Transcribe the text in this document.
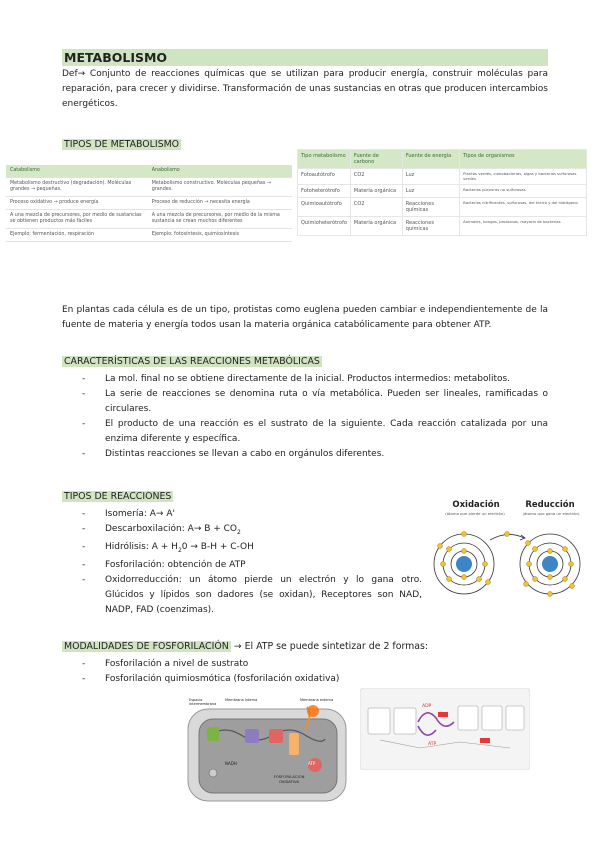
METABOLISMO
Def→ Conjunto de reacciones químicas que se utilizan para producir energía, construir moléculas para reparación, para crecer y dividirse. Transformación de unas sustancias en otras que producen intercambios energéticos.
TIPOS DE METABOLISMO
Catabolismo	Anabolismo
Metabolismo destructivo (degradación). Moléculas grandes → pequeñas.	Metabolismo constructivo. Moléculas pequeñas → grandes.
Proceso oxidativo → produce energía	Proceso de reducción → necesita energía
A una mezcla de precursores, por medio de sustancias se obtienen productos más fáciles	A una mezcla de precursores, por medio de la misma sustancia se crean muchos diferentes
Ejemplo: fermentación, respiración	Ejemplo: fotosíntesis, quimiosíntesis
Tipo metabolismo	Fuente de carbono	Fuente de energía	Tipos de organismos
Fotoautótrofo	CO2	Luz	Plantas verdes, cianobacterias, algas y bacterias sulfurosas verdes
Fotoheterótrofo	Materia orgánica	Luz	Bacterias púrpuras no sulfurosas
Quimioautótrofo	CO2	Reacciones químicas	Bacterias nitrificantes, sulfurosas, del hierro y del hidrógeno
Quimioheterótrofo	Materia orgánica	Reacciones químicas	Animales, hongos, protozoos, mayoría de bacterias
En plantas cada célula es de un tipo, protistas como euglena pueden cambiar e independientemente de la fuente de materia y energía todos usan la materia orgánica catabólicamente para obtener ATP.
CARACTERÍSTICAS DE LAS REACCIONES METABÓLICAS
- La mol. final no se obtiene directamente de la inicial. Productos intermedios: metabolitos.
- La serie de reacciones se denomina ruta o vía metabólica. Pueden ser lineales, ramificadas o circulares.
- El producto de una reacción es el sustrato de la siguiente. Cada reacción catalizada por una enzima diferente y específica.
- Distintas reacciones se llevan a cabo en orgánulos diferentes.
TIPOS DE REACCIONES
- Isomería: A→ A'
- Descarboxilación: $A\to B + CO_2$
- Hidrólisis: $A + H_20 \to B-H + C-OH$
- Fosforilación: obtención de ATP
- Oxidorreducción: un átomo pierde un electrón y lo gana otro. Glúcidos y lípidos son dadores (se oxidan), Receptores son NAD, NADP, FAD (coenzimas).
Oxidación
(átomo que pierde un electrón)
Reducción
(átomo que gana un electrón)
MODALIDADES DE FOSFORILACIÓN → El ATP se puede sintetizar de 2 formas:
- Fosforilación a nivel de sustrato
- Fosforilación quimiosmótica (fosforilación oxidativa)
Espacio intermembrana
Membrana interna	Membrana externa
FOSFORILACIÓN OXIDATIVA
ATP
NADH
ATP
ADP
